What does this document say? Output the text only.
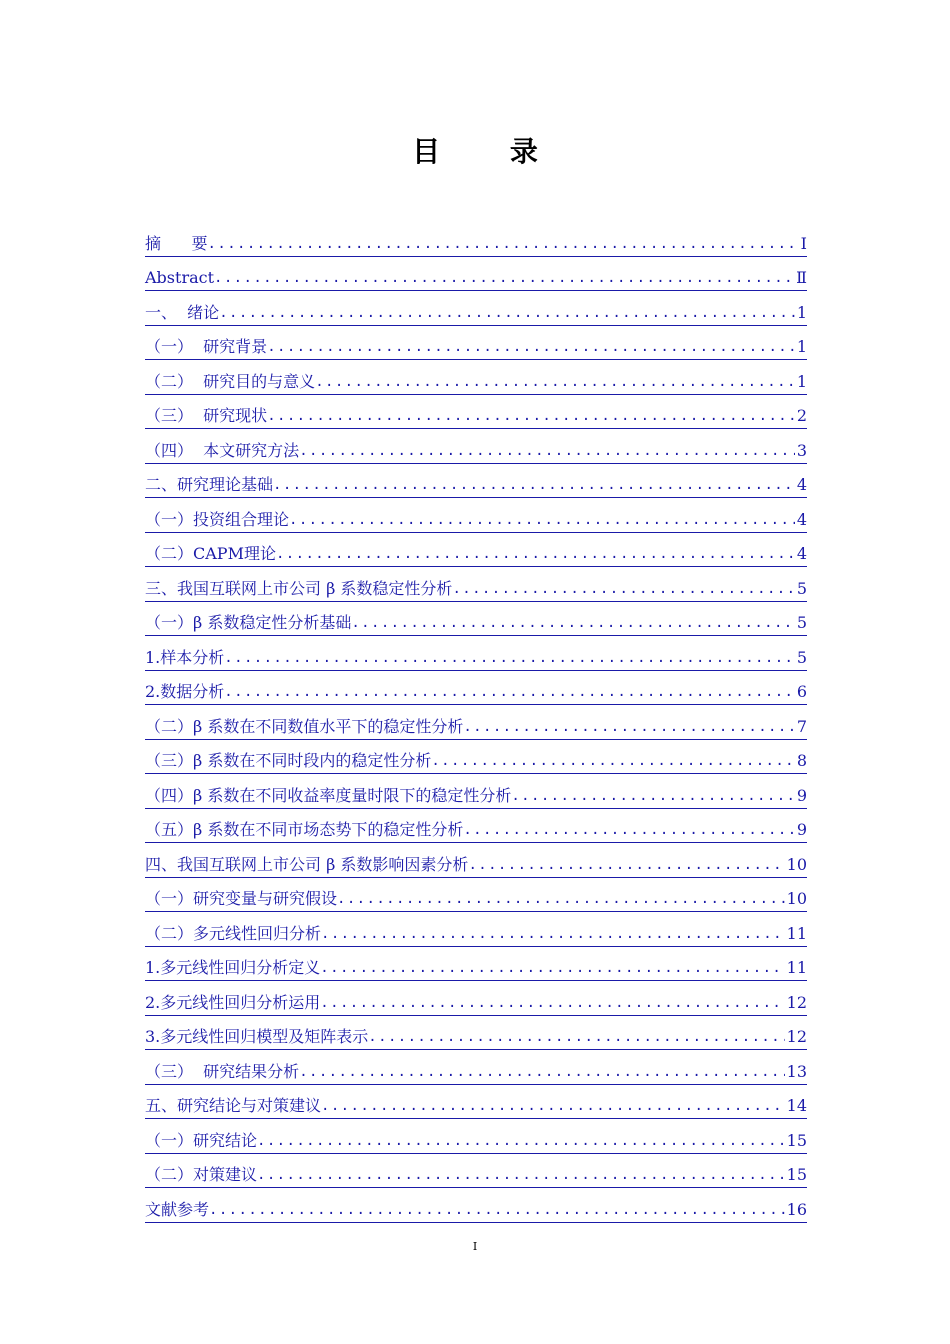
目 录
摘      要 .....	Ⅰ
Abstract .....	Ⅱ
一、  绪论 .....	1
（一）  研究背景 .....	1
（二）  研究目的与意义 .....	1
（三）  研究现状 .....	2
（四）  本文研究方法 .....	3
二、研究理论基础 .....	4
（一）投资组合理论 .....	4
（二）CAPM理论 .....	4
三、我国互联网上市公司 β 系数稳定性分析 .....	5
（一）β 系数稳定性分析基础 .....	5
1.样本分析 .....	5
2.数据分析 .....	6
（二）β 系数在不同数值水平下的稳定性分析 .....	7
（三）β 系数在不同时段内的稳定性分析 .....	8
（四）β 系数在不同收益率度量时限下的稳定性分析 .....	9
（五）β 系数在不同市场态势下的稳定性分析 .....	9
四、我国互联网上市公司 β 系数影响因素分析 .....	10
（一）研究变量与研究假设 .....	10
（二）多元线性回归分析 .....	11
1.多元线性回归分析定义 .....	11
2.多元线性回归分析运用 .....	12
3.多元线性回归模型及矩阵表示 .....	12
（三）  研究结果分析 .....	13
五、研究结论与对策建议 .....	14
（一）研究结论 .....	15
（二）对策建议 .....	15
文献参考 .....	16
I
